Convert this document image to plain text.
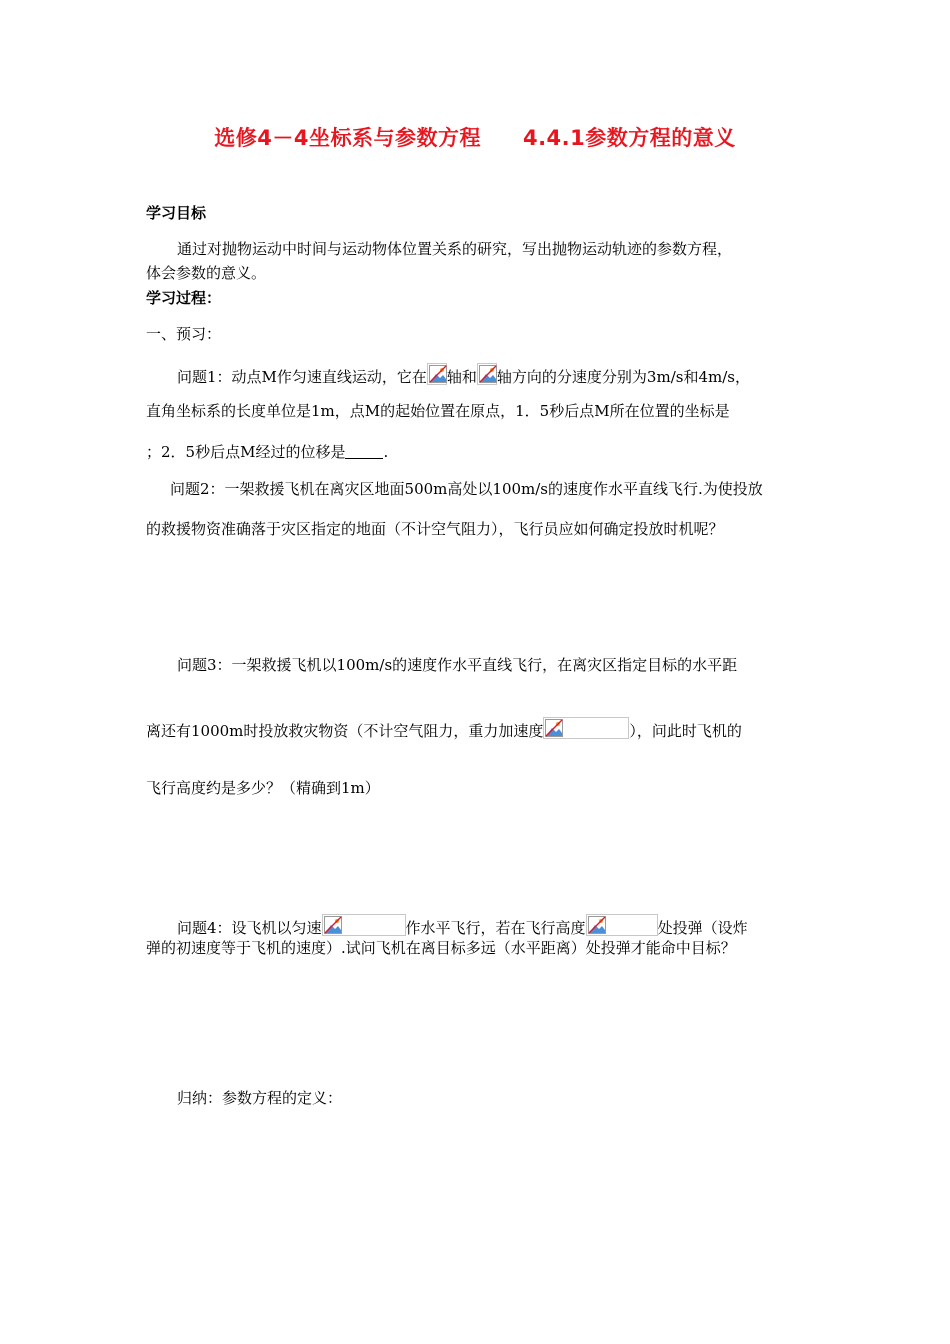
选修4－4坐标系与参数方程 4.4.1参数方程的意义
学习目标
通过对抛物运动中时间与运动物体位置关系的研究，写出抛物运动轨迹的参数方程，
体会参数的意义。
学习过程：
一、预习：
问题1：动点M作匀速直线运动，它在 轴和 轴方向的分速度分别为3m/s和4m/s，
直角坐标系的长度单位是1m，点M的起始位置在原点，1．5秒后点M所在位置的坐标是
；2．5秒后点M经过的位移是	.
问题2：一架救援飞机在离灾区地面500m高处以100m/s的速度作水平直线飞行.为使投放
的救援物资准确落于灾区指定的地面（不计空气阻力），飞行员应如何确定投放时机呢？
问题3：一架救援飞机以100m/s的速度作水平直线飞行，在离灾区指定目标的水平距
离还有1000m时投放救灾物资（不计空气阻力，重力加速度	），问此时飞机的
飞行高度约是多少？（精确到1m）
问题4：设飞机以匀速	作水平飞行，若在飞行高度	处投弹（设炸
弹的初速度等于飞机的速度）.试问飞机在离目标多远（水平距离）处投弹才能命中目标？
归纳：参数方程的定义：
